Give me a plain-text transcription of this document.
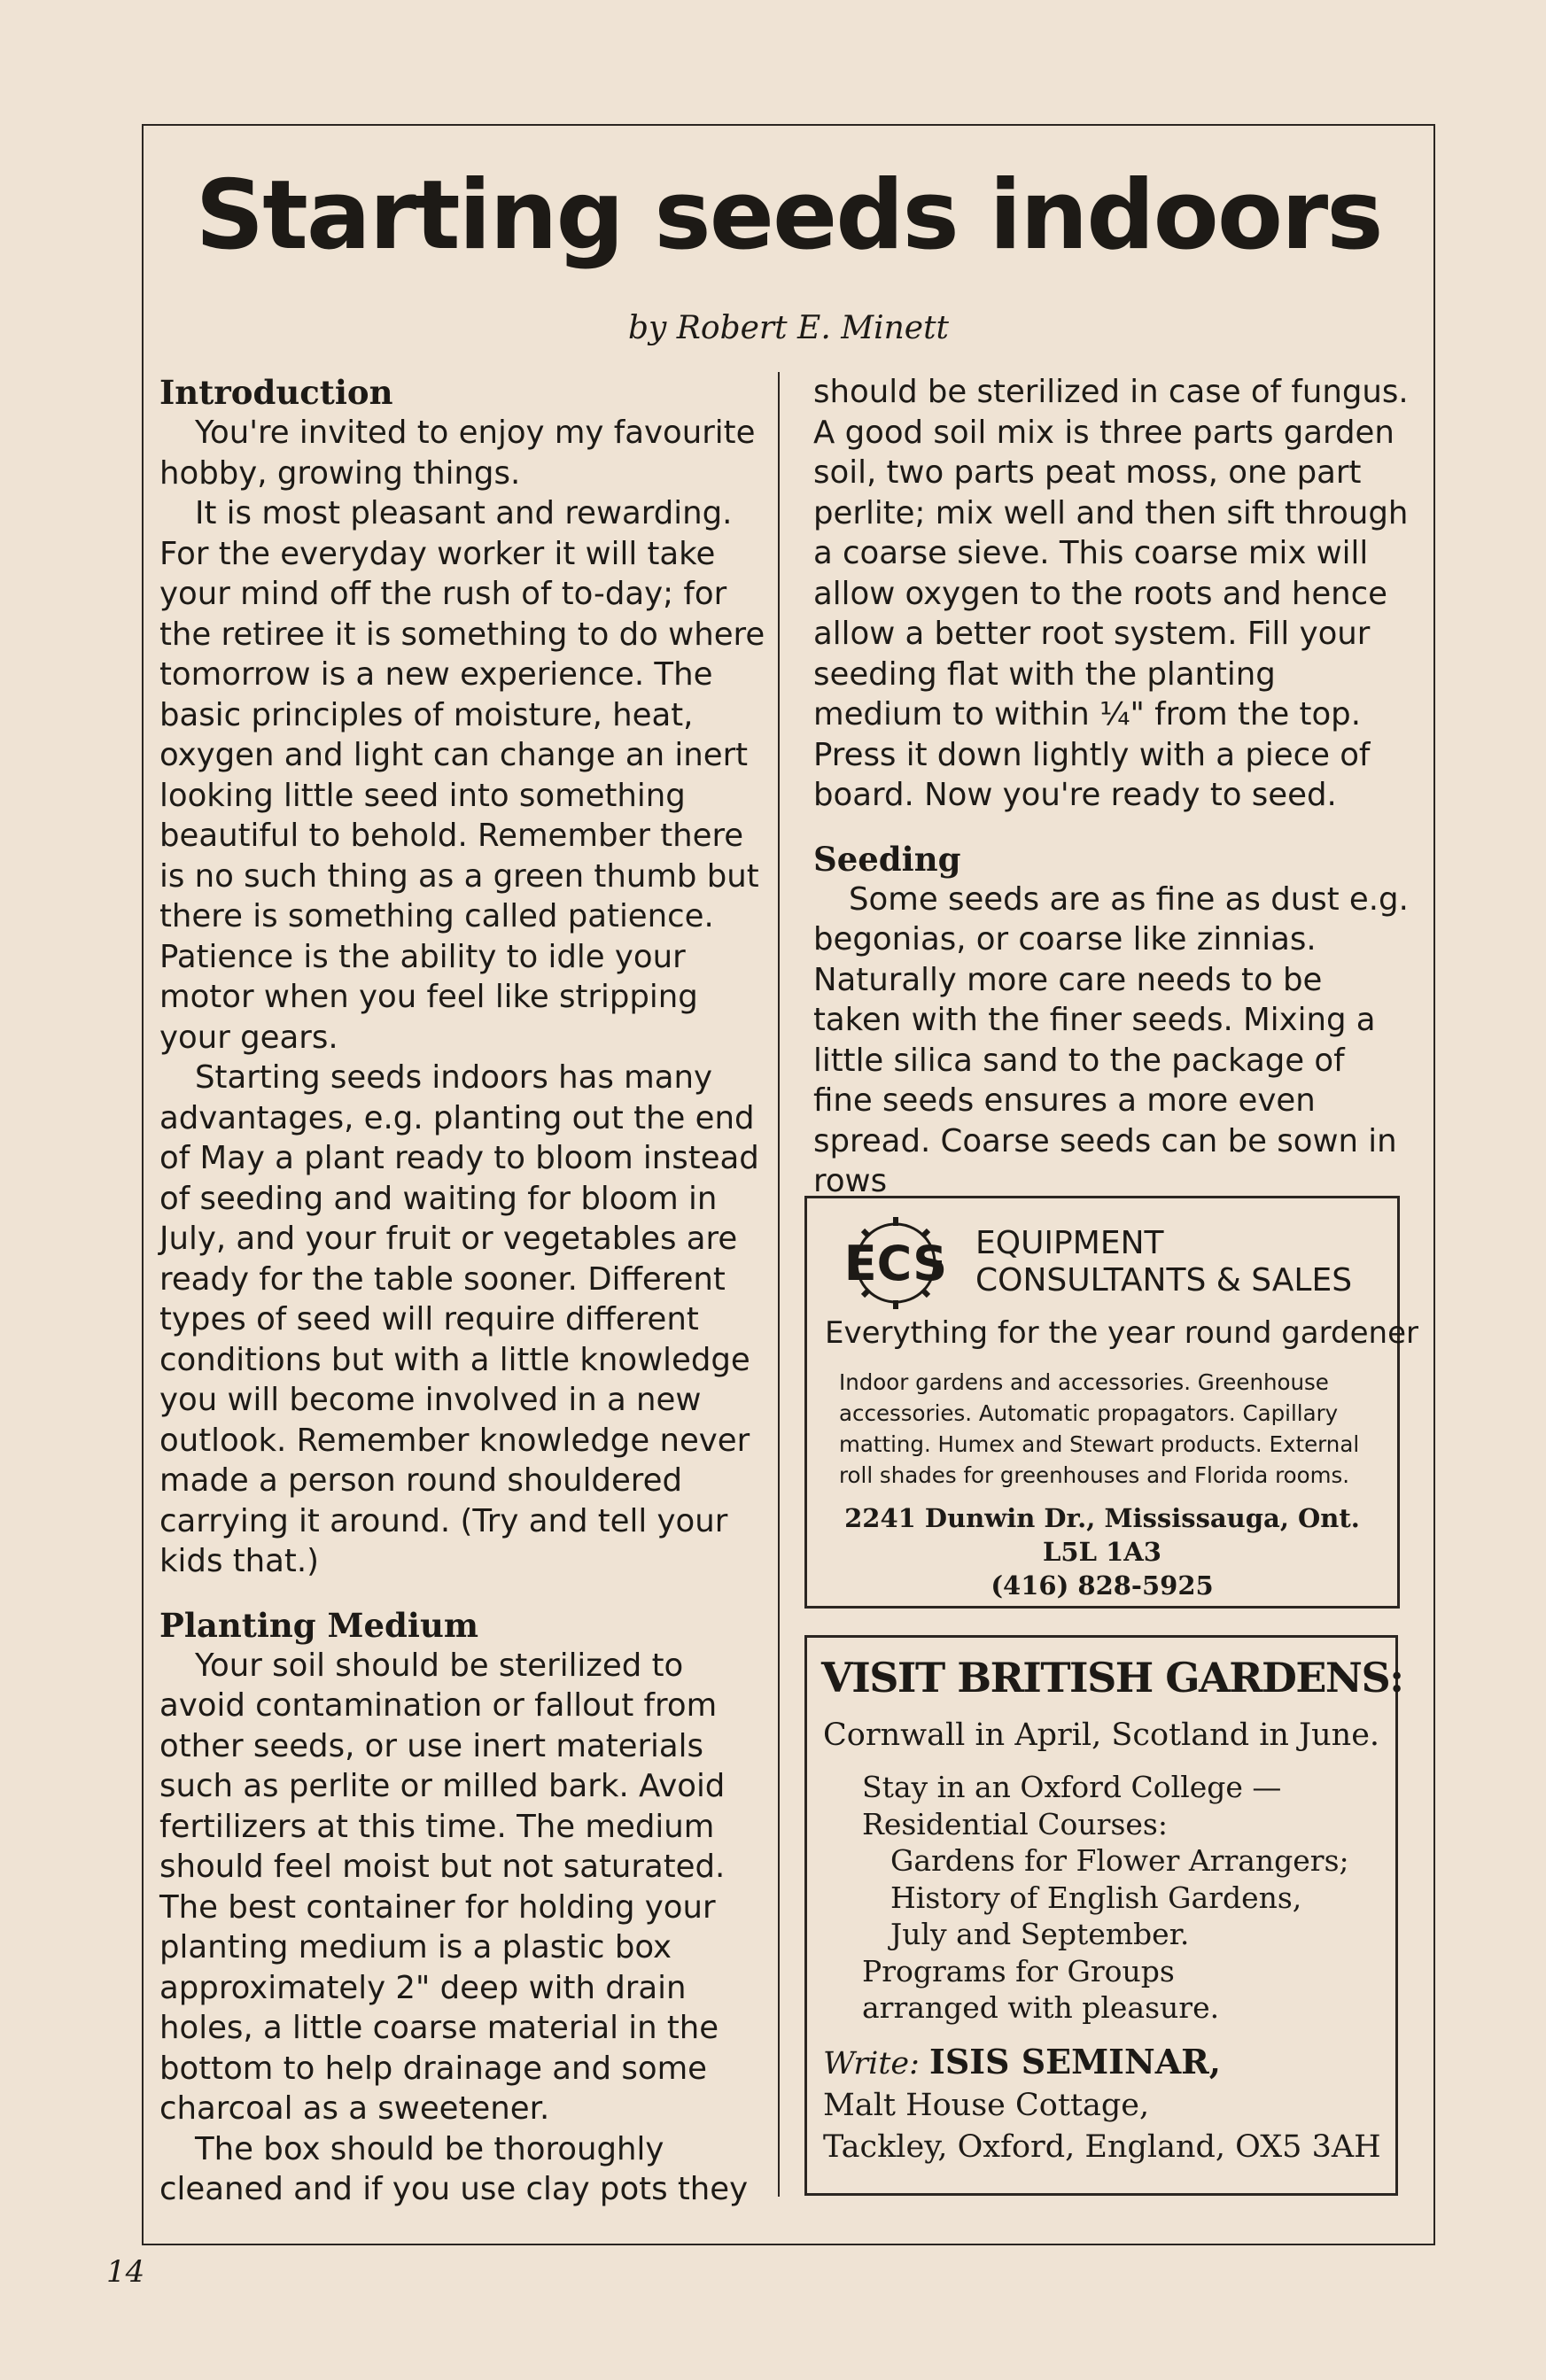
Starting seeds indoors
by Robert E. Minett
Introduction

You're invited to enjoy my favourite hobby, growing things.

It is most pleasant and rewarding. For the everyday worker it will take your mind off the rush of to-day; for the retiree it is something to do where tomorrow is a new experience. The basic principles of moisture, heat, oxygen and light can change an inert looking little seed into something beautiful to behold. Remember there is no such thing as a green thumb but there is something called patience. Patience is the ability to idle your motor when you feel like stripping your gears.

Starting seeds indoors has many advantages, e.g. planting out the end of May a plant ready to bloom instead of seeding and waiting for bloom in July, and your fruit or vegetables are ready for the table sooner. Different types of seed will require different conditions but with a little knowledge you will become involved in a new outlook. Remember knowledge never made a person round shouldered carrying it around. (Try and tell your kids that.)

Planting Medium

Your soil should be sterilized to avoid contamination or fallout from other seeds, or use inert materials such as perlite or milled bark. Avoid fertilizers at this time. The medium should feel moist but not saturated. The best container for holding your planting medium is a plastic box approximately 2" deep with drain holes, a little coarse material in the bottom to help drainage and some charcoal as a sweetener.

The box should be thoroughly cleaned and if you use clay pots they

should be sterilized in case of fungus. A good soil mix is three parts garden soil, two parts peat moss, one part perlite; mix well and then sift through a coarse sieve. This coarse mix will allow oxygen to the roots and hence allow a better root system. Fill your seeding flat with the planting medium to within ¼" from the top. Press it down lightly with a piece of board. Now you're ready to seed.

Seeding

Some seeds are as fine as dust e.g. begonias, or coarse like zinnias. Naturally more care needs to be taken with the finer seeds. Mixing a little silica sand to the package of fine seeds ensures a more even spread. Coarse seeds can be sown in rows

ECS EQUIPMENT
CONSULTANTS & SALES
Everything for the year round gardener
Indoor gardens and accessories. Greenhouse accessories. Automatic propagators. Capillary matting. Humex and Stewart products. External roll shades for greenhouses and Florida rooms.
2241 Dunwin Dr., Mississauga, Ont.
L5L 1A3
(416) 828-5925
VISIT BRITISH GARDENS:
Cornwall in April, Scotland in June.
Stay in an Oxford College —
Residential Courses:
Gardens for Flower Arrangers;
History of English Gardens,
July and September.
Programs for Groups
arranged with pleasure.
Write: ISIS SEMINAR,
Malt House Cottage,
Tackley, Oxford, England, OX5 3AH
14
